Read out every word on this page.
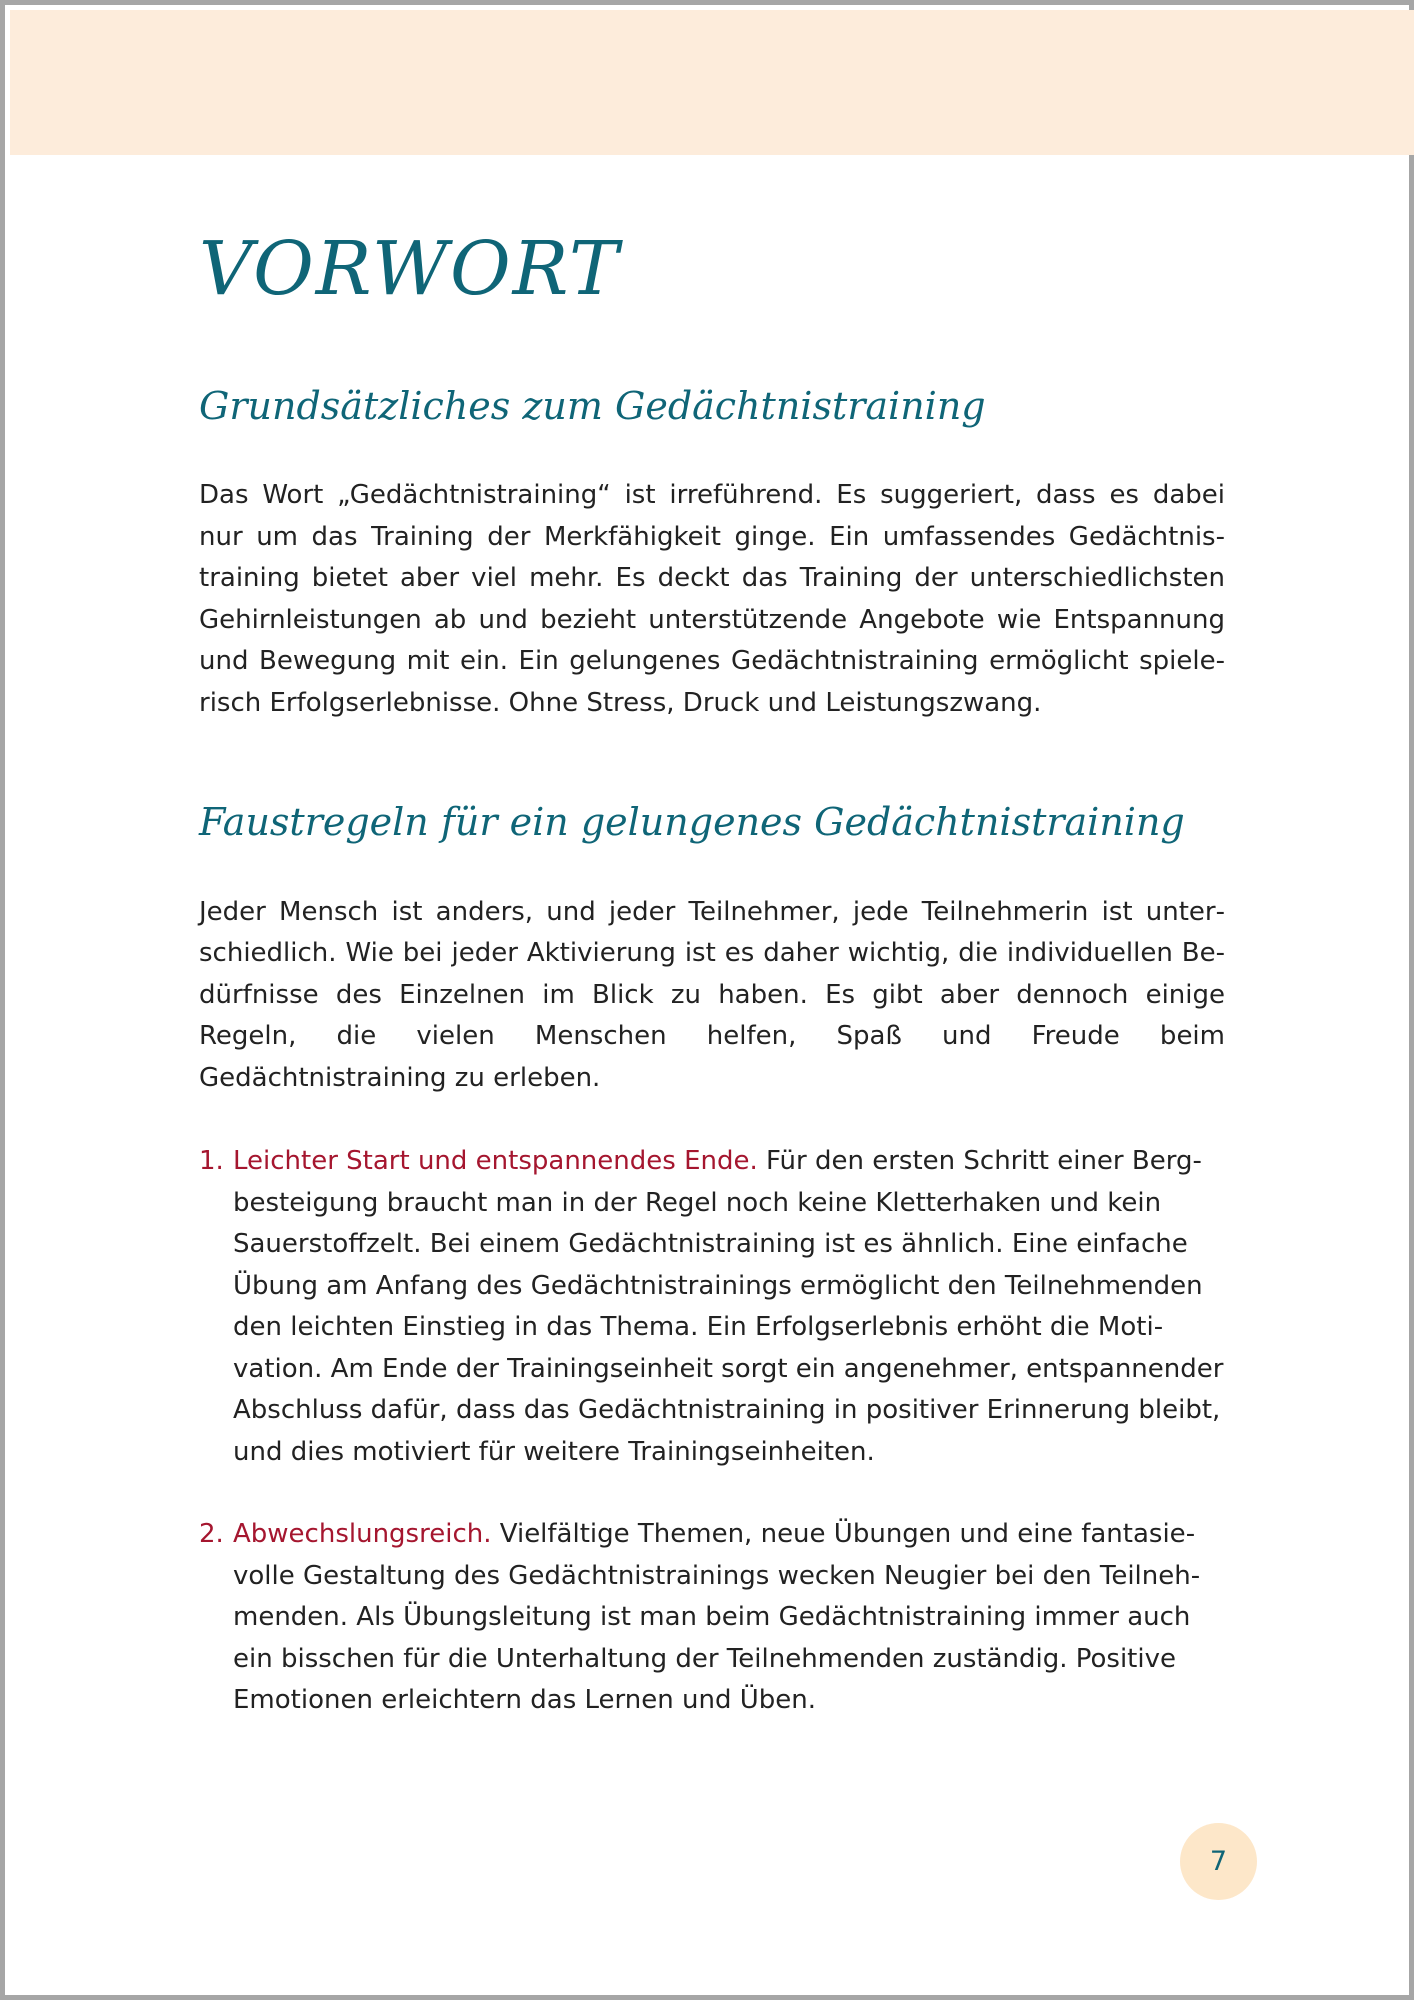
VORWORT
Grundsätzliches zum Gedächtnistraining

Das Wort „Gedächtnistraining“ ist irreführend. Es suggeriert, dass es dabei nur um das Training der Merkfähigkeit ginge. Ein umfassendes Gedächtnistraining bietet aber viel mehr. Es deckt das Training der unterschiedlichsten Gehirnleistungen ab und bezieht unterstützende Angebote wie Entspannung und Bewegung mit ein. Ein gelungenes Gedächtnistraining ermöglicht spielerisch Erfolgserlebnisse. Ohne Stress, Druck und Leistungszwang.

Faustregeln für ein gelungenes Gedächtnistraining

Jeder Mensch ist anders, und jeder Teilnehmer, jede Teilnehmerin ist unterschiedlich. Wie bei jeder Aktivierung ist es daher wichtig, die individuellen Bedürfnisse des Einzelnen im Blick zu haben. Es gibt aber dennoch einige Regeln, die vielen Menschen helfen, Spaß und Freude beim Gedächtnistraining zu erleben.

1. Leichter Start und entspannendes Ende. Für den ersten Schritt einer Bergbesteigung braucht man in der Regel noch keine Kletterhaken und kein Sauerstoffzelt. Bei einem Gedächtnistraining ist es ähnlich. Eine einfache Übung am Anfang des Gedächtnistrainings ermöglicht den Teilnehmenden den leichten Einstieg in das Thema. Ein Erfolgserlebnis erhöht die Motivation. Am Ende der Trainingseinheit sorgt ein angenehmer, entspannender Abschluss dafür, dass das Gedächtnistraining in positiver Erinnerung bleibt, und dies motiviert für weitere Trainingseinheiten.
2. Abwechslungsreich. Vielfältige Themen, neue Übungen und eine fantasievolle Gestaltung des Gedächtnistrainings wecken Neugier bei den Teilnehmenden. Als Übungsleitung ist man beim Gedächtnistraining immer auch ein bisschen für die Unterhaltung der Teilnehmenden zuständig. Positive Emotionen erleichtern das Lernen und Üben.
7
